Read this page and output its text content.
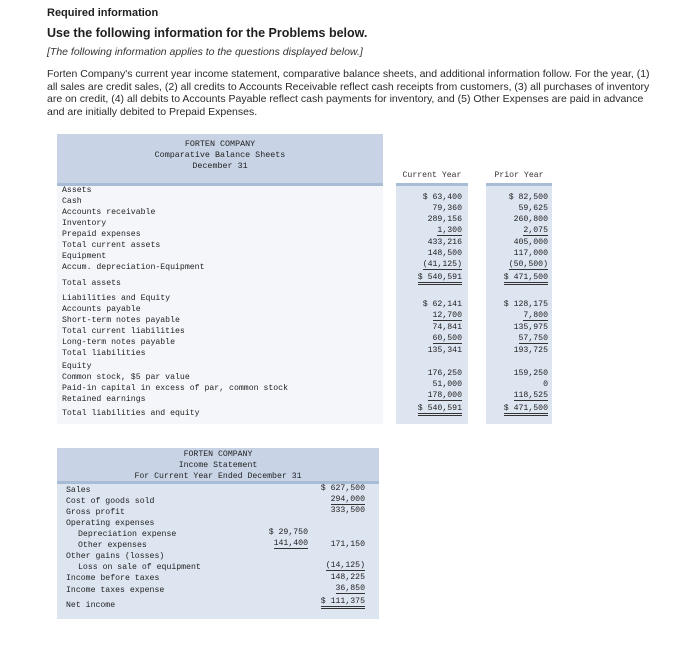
Required information
Use the following information for the Problems below.
[The following information applies to the questions displayed below.]
Forten Company's current year income statement, comparative balance sheets, and additional information follow. For the year, (1) all sales are credit sales, (2) all credits to Accounts Receivable reflect cash receipts from customers, (3) all purchases of inventory are on credit, (4) all debits to Accounts Payable reflect cash payments for inventory, and (5) Other Expenses are paid in advance and are initially debited to Prepaid Expenses.
FORTEN COMPANY
Comparative Balance Sheets
December 31
Current Year	Prior Year
Assets
Cash
Accounts receivable
Inventory
Prepaid expenses
Total current assets
Equipment
Accum. depreciation-Equipment
Total assets
Liabilities and Equity
Accounts payable
Short-term notes payable
Total current liabilities
Long-term notes payable
Total liabilities
Equity
Common stock, $5 par value
Paid-in capital in excess of par, common stock
Retained earnings
Total liabilities and equity
$ 63,400
79,360
289,156
1,300
433,216
148,500
(41,125)
$ 540,591
$ 62,141
12,700
74,841
60,500
135,341
176,250
51,000
178,000
$ 540,591
$ 82,500
59,625
260,800
2,075
405,000
117,000
(50,500)
$ 471,500
$ 128,175
7,800
135,975
57,750
193,725
159,250
0
118,525
$ 471,500
FORTEN COMPANY
Income Statement
For Current Year Ended December 31
Sales
Cost of goods sold
Gross profit
Operating expenses
Depreciation expense
Other expenses
Other gains (losses)
Loss on sale of equipment
Income before taxes
Income taxes expense
Net income
$ 627,500
294,000
333,500
$ 29,750
141,400	171,150
(14,125)
148,225
36,850
$ 111,375
